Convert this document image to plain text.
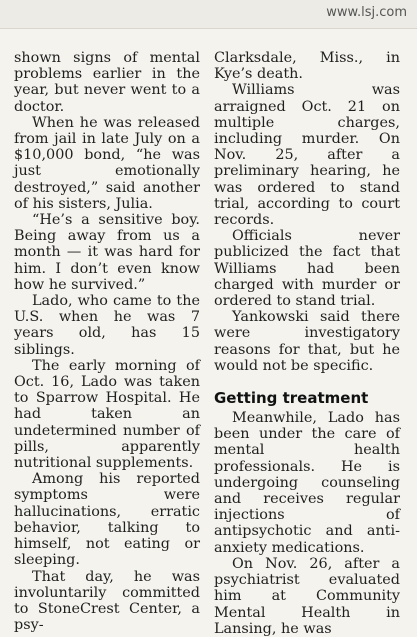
www.lsj.com

shown signs of mental problems earlier in the year, but never went to a doctor.

When he was released from jail in late July on a $10,000 bond, “he was just emotionally destroyed,” said another of his sisters, Julia.

“He’s a sensitive boy. Being away from us a month — it was hard for him. I don’t even know how he survived.”

Lado, who came to the U.S. when he was 7 years old, has 15 siblings.

The early morning of Oct. 16, Lado was taken to Sparrow Hospital. He had taken an undetermined number of pills, apparently nutritional supplements.

Among his reported symptoms were hallucinations, erratic behavior, talking to himself, not eating or sleeping.

That day, he was involuntarily committed to StoneCrest Center, a psy-

Clarksdale, Miss., in Kye’s death.

Williams was arraigned Oct. 21 on multiple charges, including murder. On Nov. 25, after a preliminary hearing, he was ordered to stand trial, according to court records.

Officials never publicized the fact that Williams had been charged with murder or ordered to stand trial.

Yankowski said there were investigatory reasons for that, but he would not be specific.

Getting treatment

Meanwhile, Lado has been under the care of mental health professionals. He is undergoing counseling and receives regular injections of antipsychotic and anti-anxiety medications.

On Nov. 26, after a psychiatrist evaluated him at Community Mental Health in Lansing, he was
